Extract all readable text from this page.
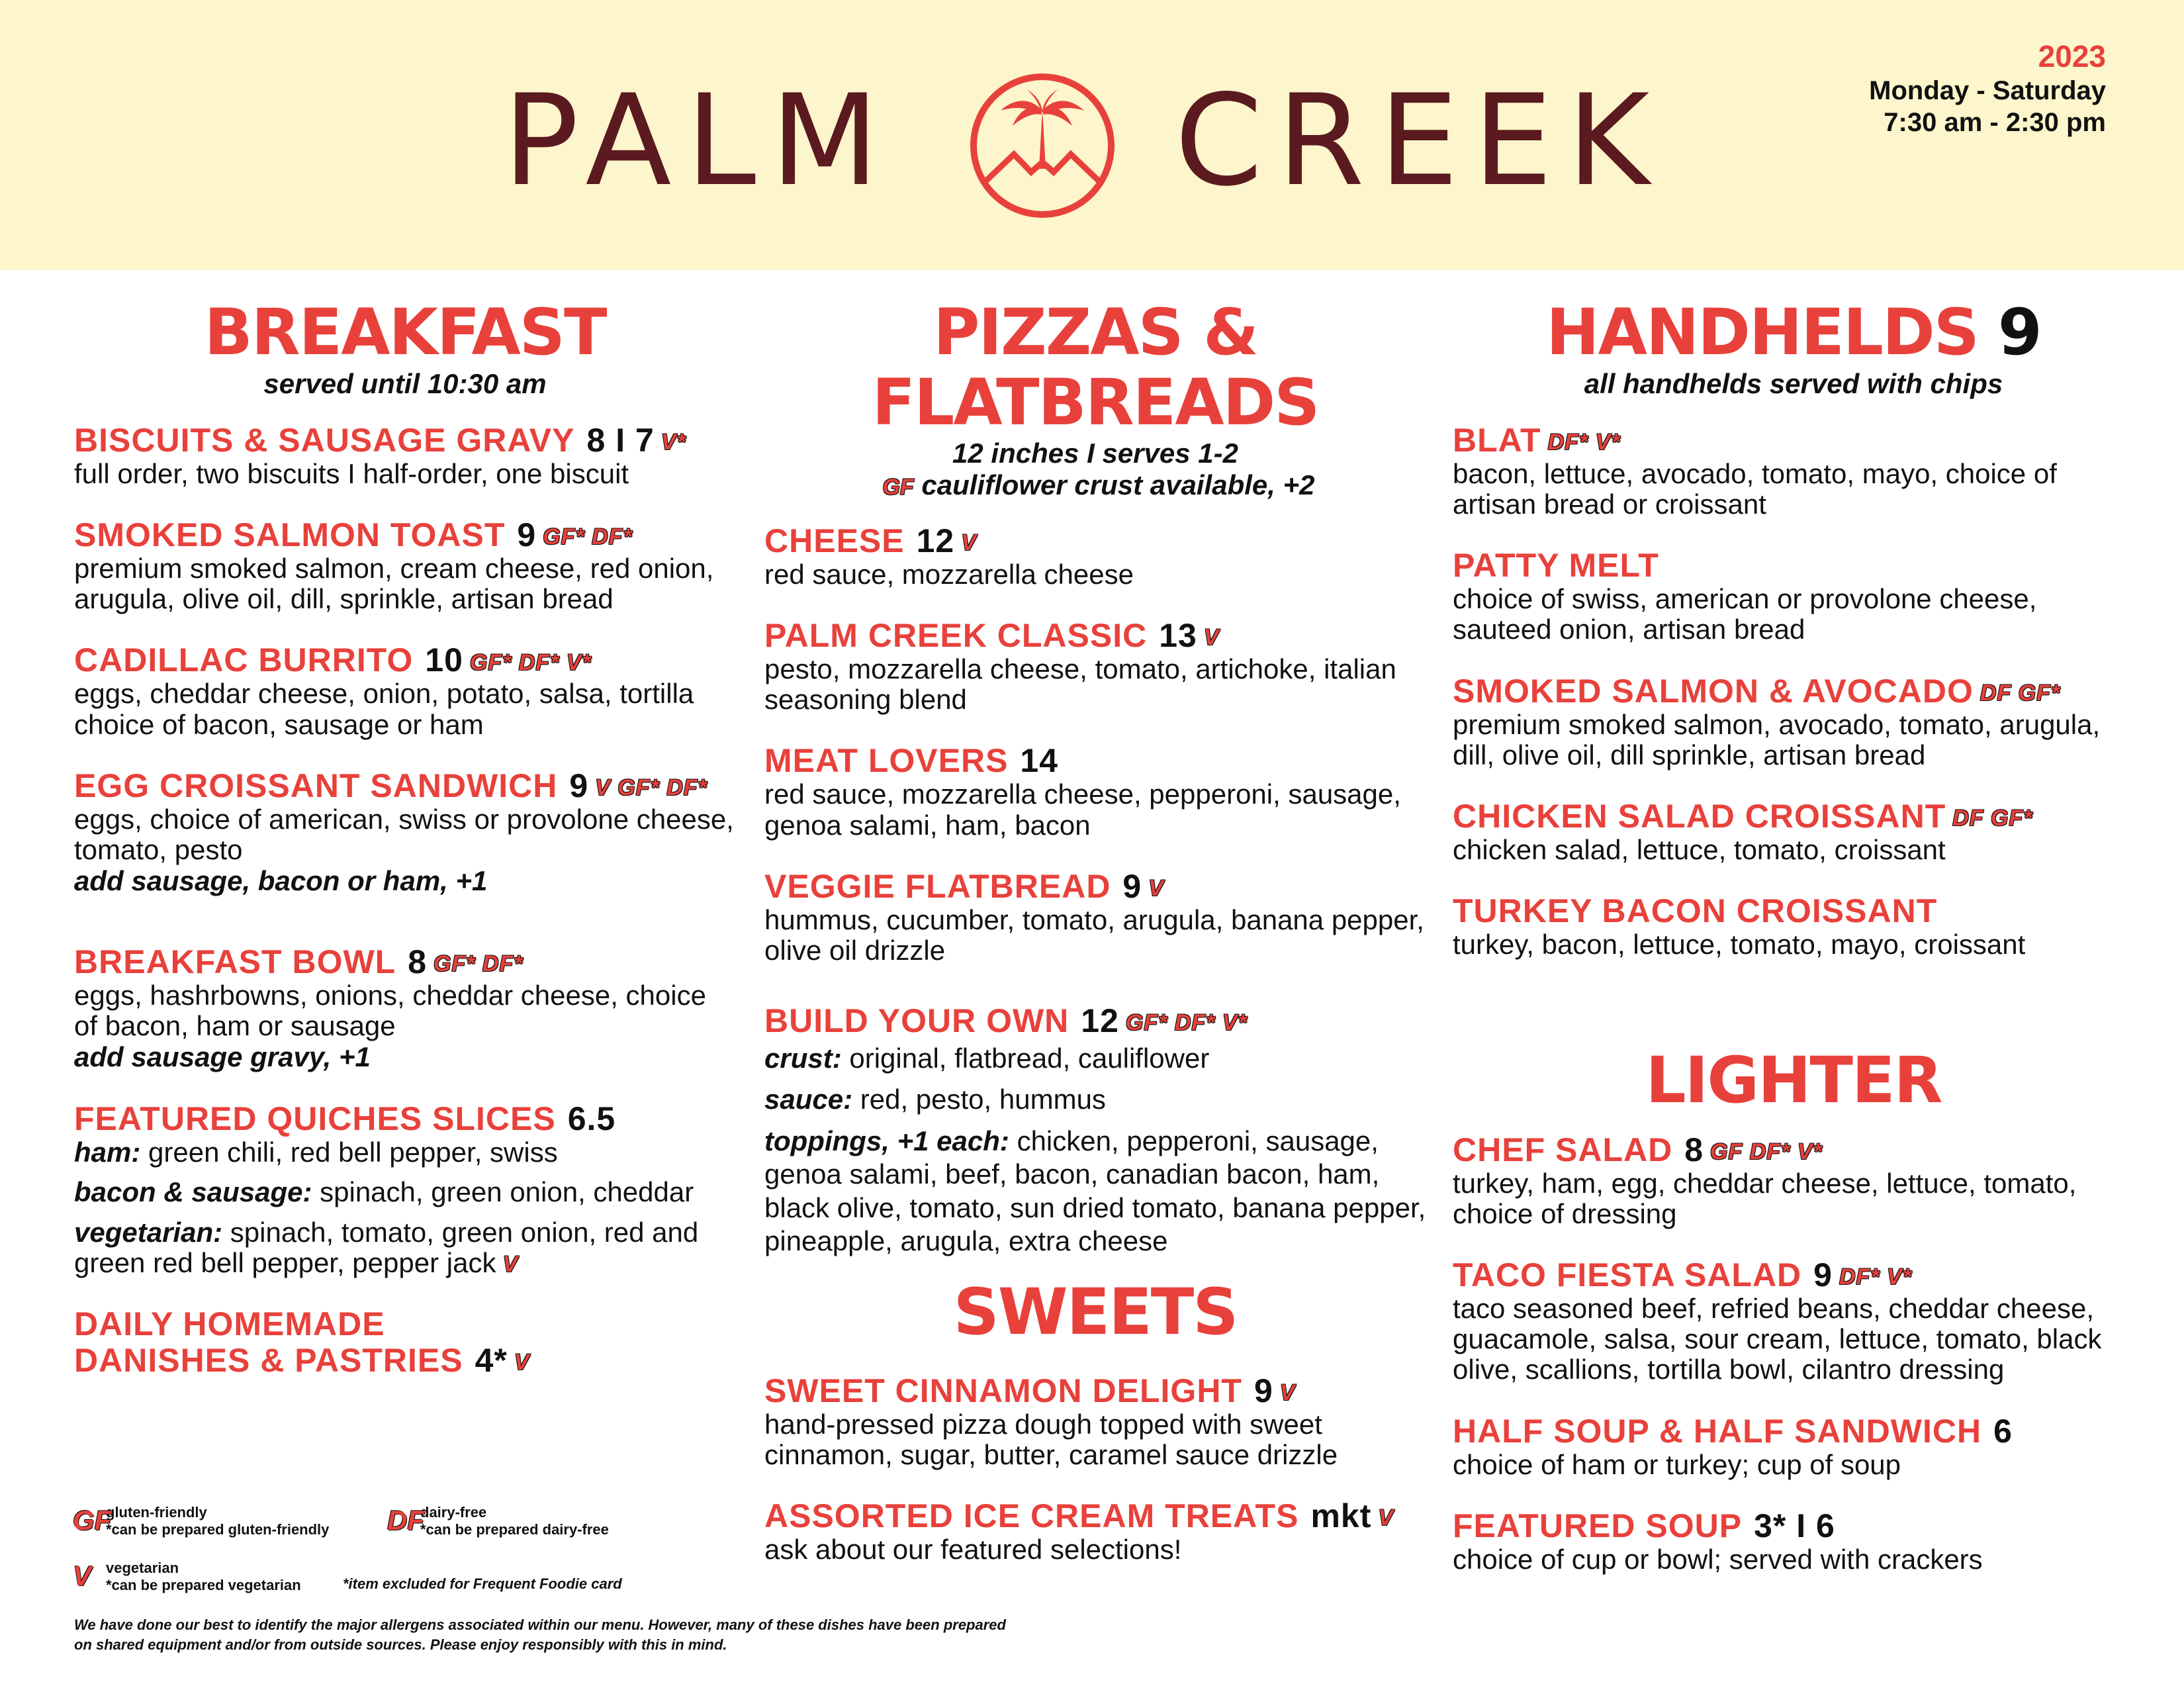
PALM CREEK
2023
Monday - Saturday
7:30 am - 2:30 pm
BREAKFAST
served until 10:30 am
BISCUITS & SAUSAGE GRAVY 8 I 7 V*
full order, two biscuits I half-order, one biscuit
SMOKED SALMON TOAST 9 GF* DF*
premium smoked salmon, cream cheese, red onion, arugula, olive oil, dill, sprinkle, artisan bread
CADILLAC BURRITO 10 GF* DF* V*
eggs, cheddar cheese, onion, potato, salsa, tortilla choice of bacon, sausage or ham
EGG CROISSANT SANDWICH 9 V GF* DF*
eggs, choice of american, swiss or provolone cheese, tomato, pesto
add sausage, bacon or ham, +1
BREAKFAST BOWL 8 GF* DF*
eggs, hashrbowns, onions, cheddar cheese, choice of bacon, ham or sausage
add sausage gravy, +1
FEATURED QUICHES SLICES 6.5
ham: green chili, red bell pepper, swiss
bacon & sausage: spinach, green onion, cheddar
vegetarian: spinach, tomato, green onion, red and green red bell pepper, pepper jack V
DAILY HOMEMADE
DANISHES & PASTRIES 4* V
PIZZAS & FLATBREADS
12 inches I serves 1-2
GF cauliflower crust available, +2
CHEESE 12 V
red sauce, mozzarella cheese
PALM CREEK CLASSIC 13 V
pesto, mozzarella cheese, tomato, artichoke, italian seasoning blend
MEAT LOVERS 14
red sauce, mozzarella cheese, pepperoni, sausage, genoa salami, ham, bacon
VEGGIE FLATBREAD 9 V
hummus, cucumber, tomato, arugula, banana pepper, olive oil drizzle
BUILD YOUR OWN 12 GF* DF* V*
crust: original, flatbread, cauliflower
sauce: red, pesto, hummus
toppings, +1 each: chicken, pepperoni, sausage, genoa salami, beef, bacon, canadian bacon, ham, black olive, tomato, sun dried tomato, banana pepper, pineapple, arugula, extra cheese
SWEETS
SWEET CINNAMON DELIGHT 9 V
hand-pressed pizza dough topped with sweet cinnamon, sugar, butter, caramel sauce drizzle
ASSORTED ICE CREAM TREATS mkt V
ask about our featured selections!
HANDHELDS 9
all handhelds served with chips
BLAT DF* V*
bacon, lettuce, avocado, tomato, mayo, choice of artisan bread or croissant
PATTY MELT
choice of swiss, american or provolone cheese, sauteed onion, artisan bread
SMOKED SALMON & AVOCADO DF GF*
premium smoked salmon, avocado, tomato, arugula, dill, olive oil, dill sprinkle, artisan bread
CHICKEN SALAD CROISSANT DF GF*
chicken salad, lettuce, tomato, croissant
TURKEY BACON CROISSANT
turkey, bacon, lettuce, tomato, mayo, croissant
LIGHTER
CHEF SALAD 8 GF DF* V*
turkey, ham, egg, cheddar cheese, lettuce, tomato, choice of dressing
TACO FIESTA SALAD 9 DF* V*
taco seasoned beef, refried beans, cheddar cheese, guacamole, salsa, sour cream, lettuce, tomato, black olive, scallions, tortilla bowl, cilantro dressing
HALF SOUP & HALF SANDWICH 6
choice of ham or turkey; cup of soup
FEATURED SOUP 3* I 6
choice of cup or bowl; served with crackers
GF
gluten-friendly
*can be prepared gluten-friendly	DF
dairy-free
*can be prepared dairy-free
V vegetarian
*can be prepared vegetarian	*item excluded for Frequent Foodie card
We have done our best to identify the major allergens associated within our menu. However, many of these dishes have been prepared on shared equipment and/or from outside sources. Please enjoy responsibly with this in mind.
